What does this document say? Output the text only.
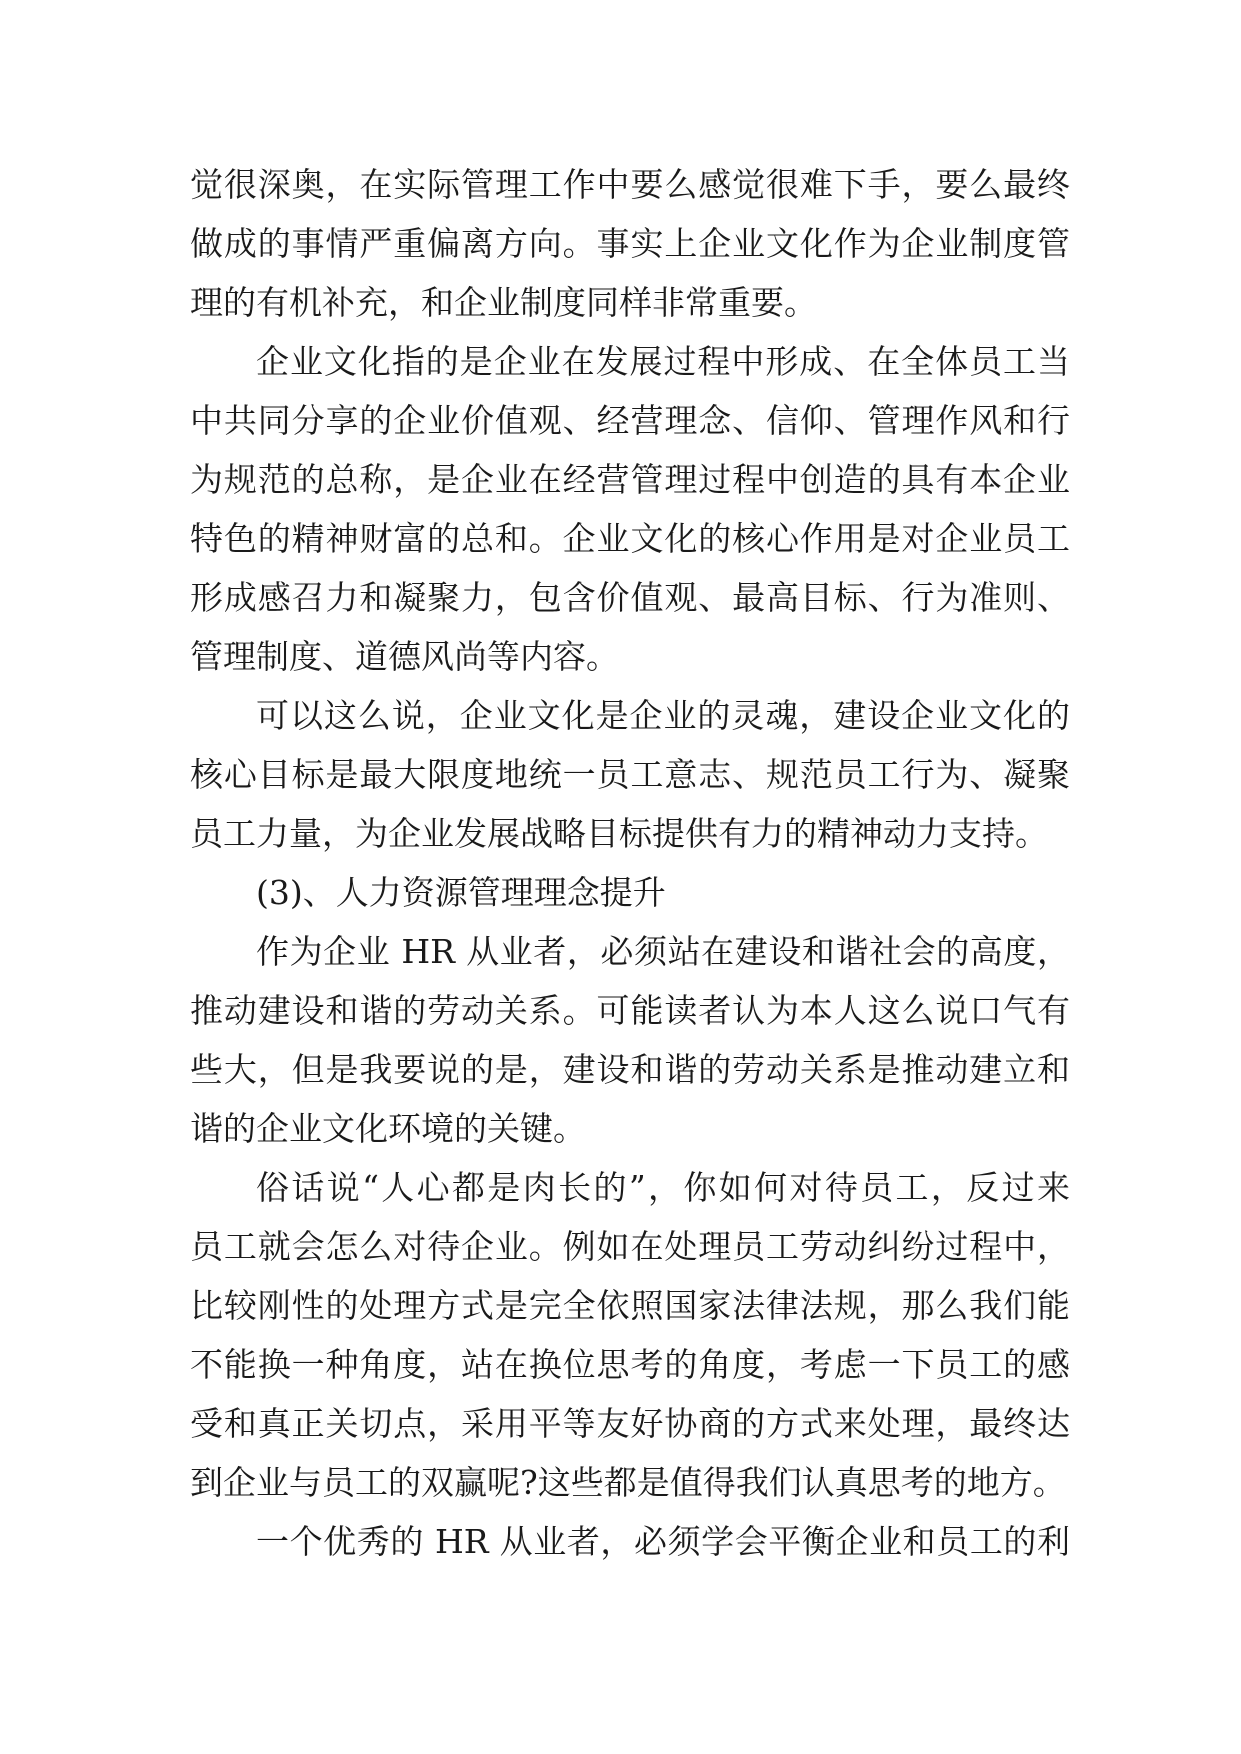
觉很深奥，在实际管理工作中要么感觉很难下手，要么最终
做成的事情严重偏离方向。事实上企业文化作为企业制度管
理的有机补充，和企业制度同样非常重要。
企业文化指的是企业在发展过程中形成、在全体员工当
中共同分享的企业价值观、经营理念、信仰、管理作风和行
为规范的总称，是企业在经营管理过程中创造的具有本企业
特色的精神财富的总和。企业文化的核心作用是对企业员工
形成感召力和凝聚力，包含价值观、最高目标、行为准则、
管理制度、道德风尚等内容。
可以这么说，企业文化是企业的灵魂，建设企业文化的
核心目标是最大限度地统一员工意志、规范员工行为、凝聚
员工力量，为企业发展战略目标提供有力的精神动力支持。
(3)、人力资源管理理念提升
作为企业 HR 从业者，必须站在建设和谐社会的高度，
推动建设和谐的劳动关系。可能读者认为本人这么说口气有
些大，但是我要说的是，建设和谐的劳动关系是推动建立和
谐的企业文化环境的关键。
俗话说“人心都是肉长的”，你如何对待员工，反过来
员工就会怎么对待企业。例如在处理员工劳动纠纷过程中，
比较刚性的处理方式是完全依照国家法律法规，那么我们能
不能换一种角度，站在换位思考的角度，考虑一下员工的感
受和真正关切点，采用平等友好协商的方式来处理，最终达
到企业与员工的双赢呢?这些都是值得我们认真思考的地方。
一个优秀的 HR 从业者，必须学会平衡企业和员工的利
